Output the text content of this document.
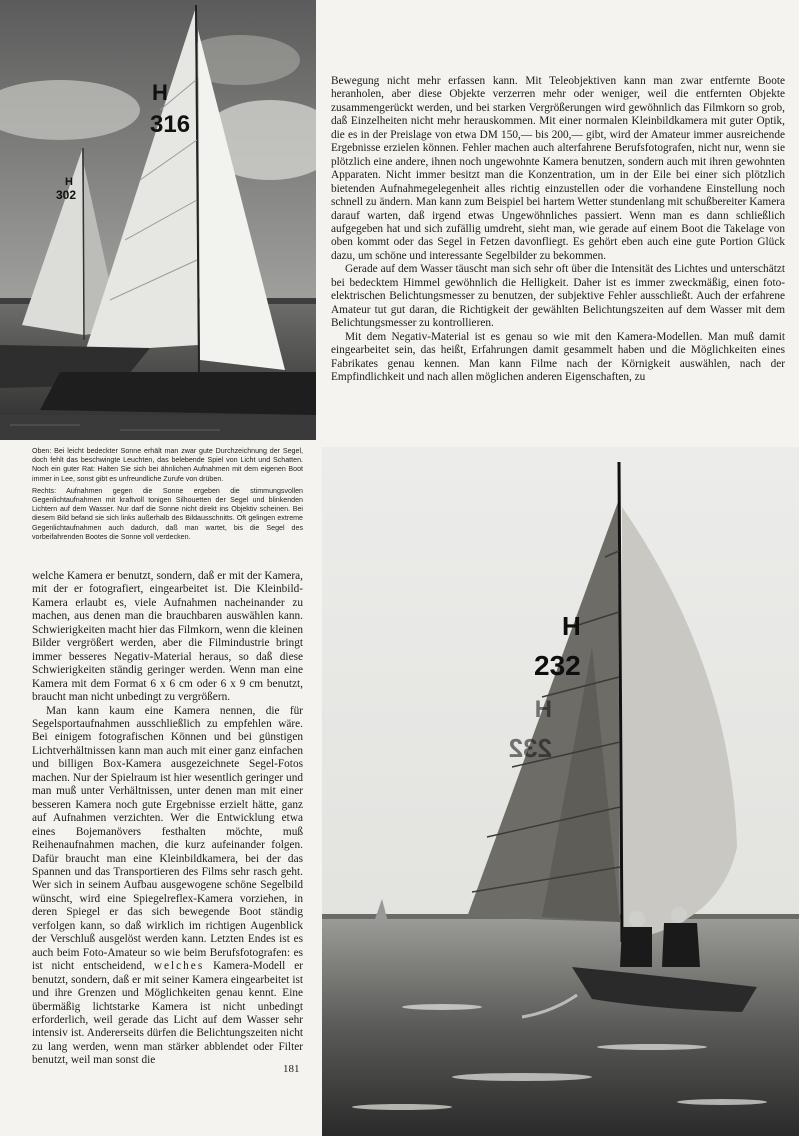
H
316
H
302

Bewegung nicht mehr erfassen kann. Mit Teleobjektiven kann man zwar entfernte Boote heranholen, aber diese Objekte verzerren mehr oder weniger, weil die entfernten Objekte zusammengerückt werden, und bei starken Vergrößerungen wird gewöhnlich das Filmkorn so grob, daß Einzelheiten nicht mehr herauskommen. Mit einer normalen Kleinbildkamera mit guter Optik, die es in der Preislage von etwa DM 150,— bis 200,— gibt, wird der Amateur immer ausreichende Ergebnisse erzielen können. Fehler machen auch alterfahrene Berufsfotografen, nicht nur, wenn sie plötzlich eine andere, ihnen noch ungewohnte Kamera benutzen, sondern auch mit ihren gewohnten Apparaten. Nicht immer besitzt man die Konzentration, um in der Eile bei einer sich plötzlich bietenden Aufnahmegelegenheit alles richtig einzustellen oder die vorhandene Einstellung noch schnell zu ändern. Man kann zum Beispiel bei hartem Wetter stundenlang mit schußbereiter Kamera darauf warten, daß irgend etwas Ungewöhnliches passiert. Wenn man es dann schließlich aufgegeben hat und sich zufällig umdreht, sieht man, wie gerade auf einem Boot die Takelage von oben kommt oder das Segel in Fetzen davonfliegt. Es gehört eben auch eine gute Portion Glück dazu, um schöne und interessante Segelbilder zu bekommen.

Gerade auf dem Wasser täuscht man sich sehr oft über die Intensität des Lichtes und unterschätzt bei bedecktem Himmel gewöhnlich die Helligkeit. Daher ist es immer zweckmäßig, einen foto-elektrischen Belichtungsmesser zu benutzen, der subjektive Fehler ausschließt. Auch der erfahrene Amateur tut gut daran, die Richtigkeit der gewählten Belichtungszeiten auf dem Wasser mit dem Belichtungsmesser zu kontrollieren.

Mit dem Negativ-Material ist es genau so wie mit den Kamera-Modellen. Man muß damit eingearbeitet sein, das heißt, Erfahrungen damit gesammelt haben und die Möglichkeiten eines Fabrikates genau kennen. Man kann Filme nach der Körnigkeit auswählen, nach der Empfindlichkeit und nach allen möglichen anderen Eigenschaften, zu

Oben: Bei leicht bedeckter Sonne erhält man zwar gute Durchzeichnung der Segel, doch fehlt das beschwingte Leuchten, das belebende Spiel von Licht und Schatten. Noch ein guter Rat: Halten Sie sich bei ähnlichen Aufnahmen mit dem eigenen Boot immer in Lee, sonst gibt es unfreundliche Zurufe von drüben.

Rechts: Aufnahmen gegen die Sonne ergeben die stimmungsvollen Gegenlichtaufnahmen mit kraftvoll tonigen Silhouetten der Segel und blinkenden Lichtern auf dem Wasser. Nur darf die Sonne nicht direkt ins Objektiv scheinen. Bei diesem Bild befand sie sich links außerhalb des Bildausschnitts. Oft gelingen extreme Gegenlichtaufnahmen auch dadurch, daß man wartet, bis die Segel des vorbeifahrenden Bootes die Sonne voll verdecken.

welche Kamera er benutzt, sondern, daß er mit der Kamera, mit der er fotografiert, eingearbeitet ist. Die Kleinbild-Kamera erlaubt es, viele Aufnahmen nacheinander zu machen, aus denen man die brauchbaren auswählen kann. Schwierigkeiten macht hier das Filmkorn, wenn die kleinen Bilder vergrößert werden, aber die Filmindustrie bringt immer besseres Negativ-Material heraus, so daß diese Schwierigkeiten ständig geringer werden. Wenn man eine Kamera mit dem Format 6 x 6 cm oder 6 x 9 cm benutzt, braucht man nicht unbedingt zu vergrößern.

Man kann kaum eine Kamera nennen, die für Segelsportaufnahmen ausschließlich zu empfehlen wäre. Bei einigem fotografischen Können und bei günstigen Lichtverhältnissen kann man auch mit einer ganz einfachen und billigen Box-Kamera ausgezeichnete Segel-Fotos machen. Nur der Spielraum ist hier wesentlich geringer und man muß unter Verhältnissen, unter denen man mit einer besseren Kamera noch gute Ergebnisse erzielt hätte, ganz auf Aufnahmen verzichten. Wer die Entwicklung etwa eines Bojemanövers festhalten möchte, muß Reihenaufnahmen machen, die kurz aufeinander folgen. Dafür braucht man eine Kleinbildkamera, bei der das Spannen und das Transportieren des Films sehr rasch geht. Wer sich in seinem Aufbau ausgewogene schöne Segelbild wünscht, wird eine Spiegelreflex-Kamera vorziehen, in deren Spiegel er das sich bewegende Boot ständig verfolgen kann, so daß wirklich im richtigen Augenblick der Verschluß ausgelöst werden kann. Letzten Endes ist es auch beim Foto-Amateur so wie beim Berufsfotografen: es ist nicht entscheidend, welches Kamera-Modell er benutzt, sondern, daß er mit seiner Kamera eingearbeitet ist und ihre Grenzen und Möglichkeiten genau kennt. Eine übermäßig lichtstarke Kamera ist nicht unbedingt erforderlich, weil gerade das Licht auf dem Wasser sehr intensiv ist. Andererseits dürfen die Belichtungszeiten nicht zu lang werden, wenn man stärker abblendet oder Filter benutzt, weil man sonst die

181
H
232
H
232
